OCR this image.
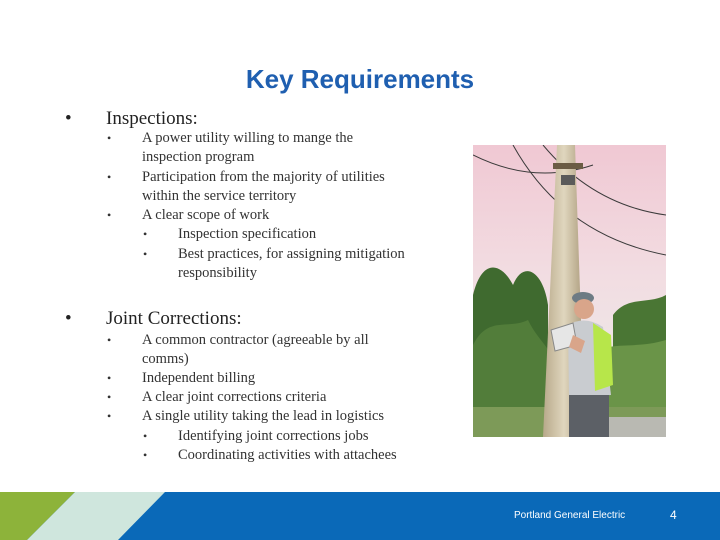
Key Requirements
• Inspections:
• A power utility willing to mange the inspection program
• Participation from the majority of utilities within the service territory
• A clear scope of work
• Inspection specification
• Best practices, for assigning mitigation responsibility
• Joint Corrections:
• A common contractor (agreeable by all comms)
• Independent billing
• A clear joint corrections criteria
• A single utility taking the lead in logistics
• Identifying joint corrections jobs
• Coordinating activities with attachees
Portland General Electric	4
